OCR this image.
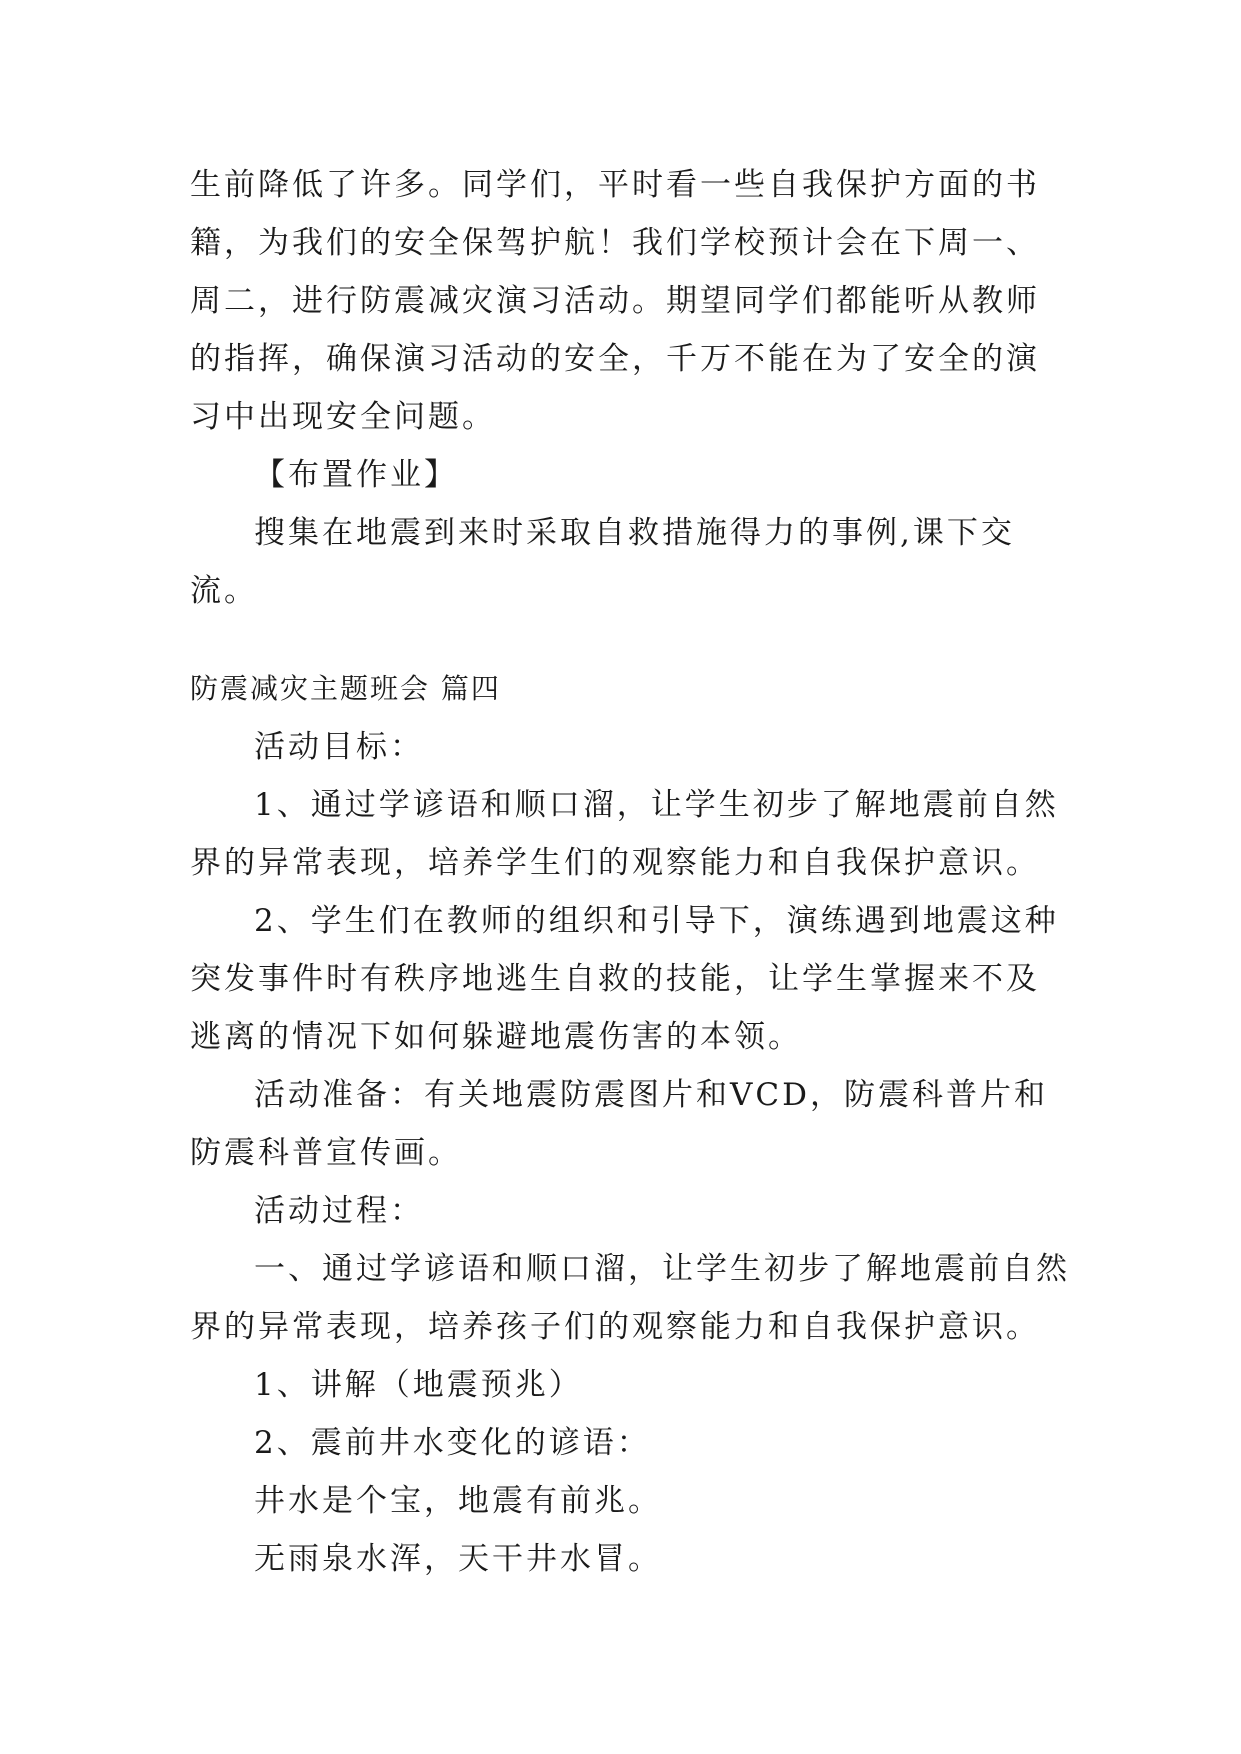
生前降低了许多。同学们，平时看一些自我保护方面的书籍，为我们的安全保驾护航！我们学校预计会在下周一、周二，进行防震减灾演习活动。期望同学们都能听从教师的指挥，确保演习活动的安全，千万不能在为了安全的演习中出现安全问题。

【布置作业】

搜集在地震到来时采取自救措施得力的事例,课下交流。

防震减灾主题班会 篇四

活动目标：

1、通过学谚语和顺口溜，让学生初步了解地震前自然界的异常表现，培养学生们的观察能力和自我保护意识。

2、学生们在教师的组织和引导下，演练遇到地震这种突发事件时有秩序地逃生自救的技能，让学生掌握来不及逃离的情况下如何躲避地震伤害的本领。

活动准备：有关地震防震图片和VCD，防震科普片和防震科普宣传画。

活动过程：

一、通过学谚语和顺口溜，让学生初步了解地震前自然界的异常表现，培养孩子们的观察能力和自我保护意识。

1、讲解（地震预兆）

2、震前井水变化的谚语：

井水是个宝，地震有前兆。

无雨泉水浑，天干井水冒。
